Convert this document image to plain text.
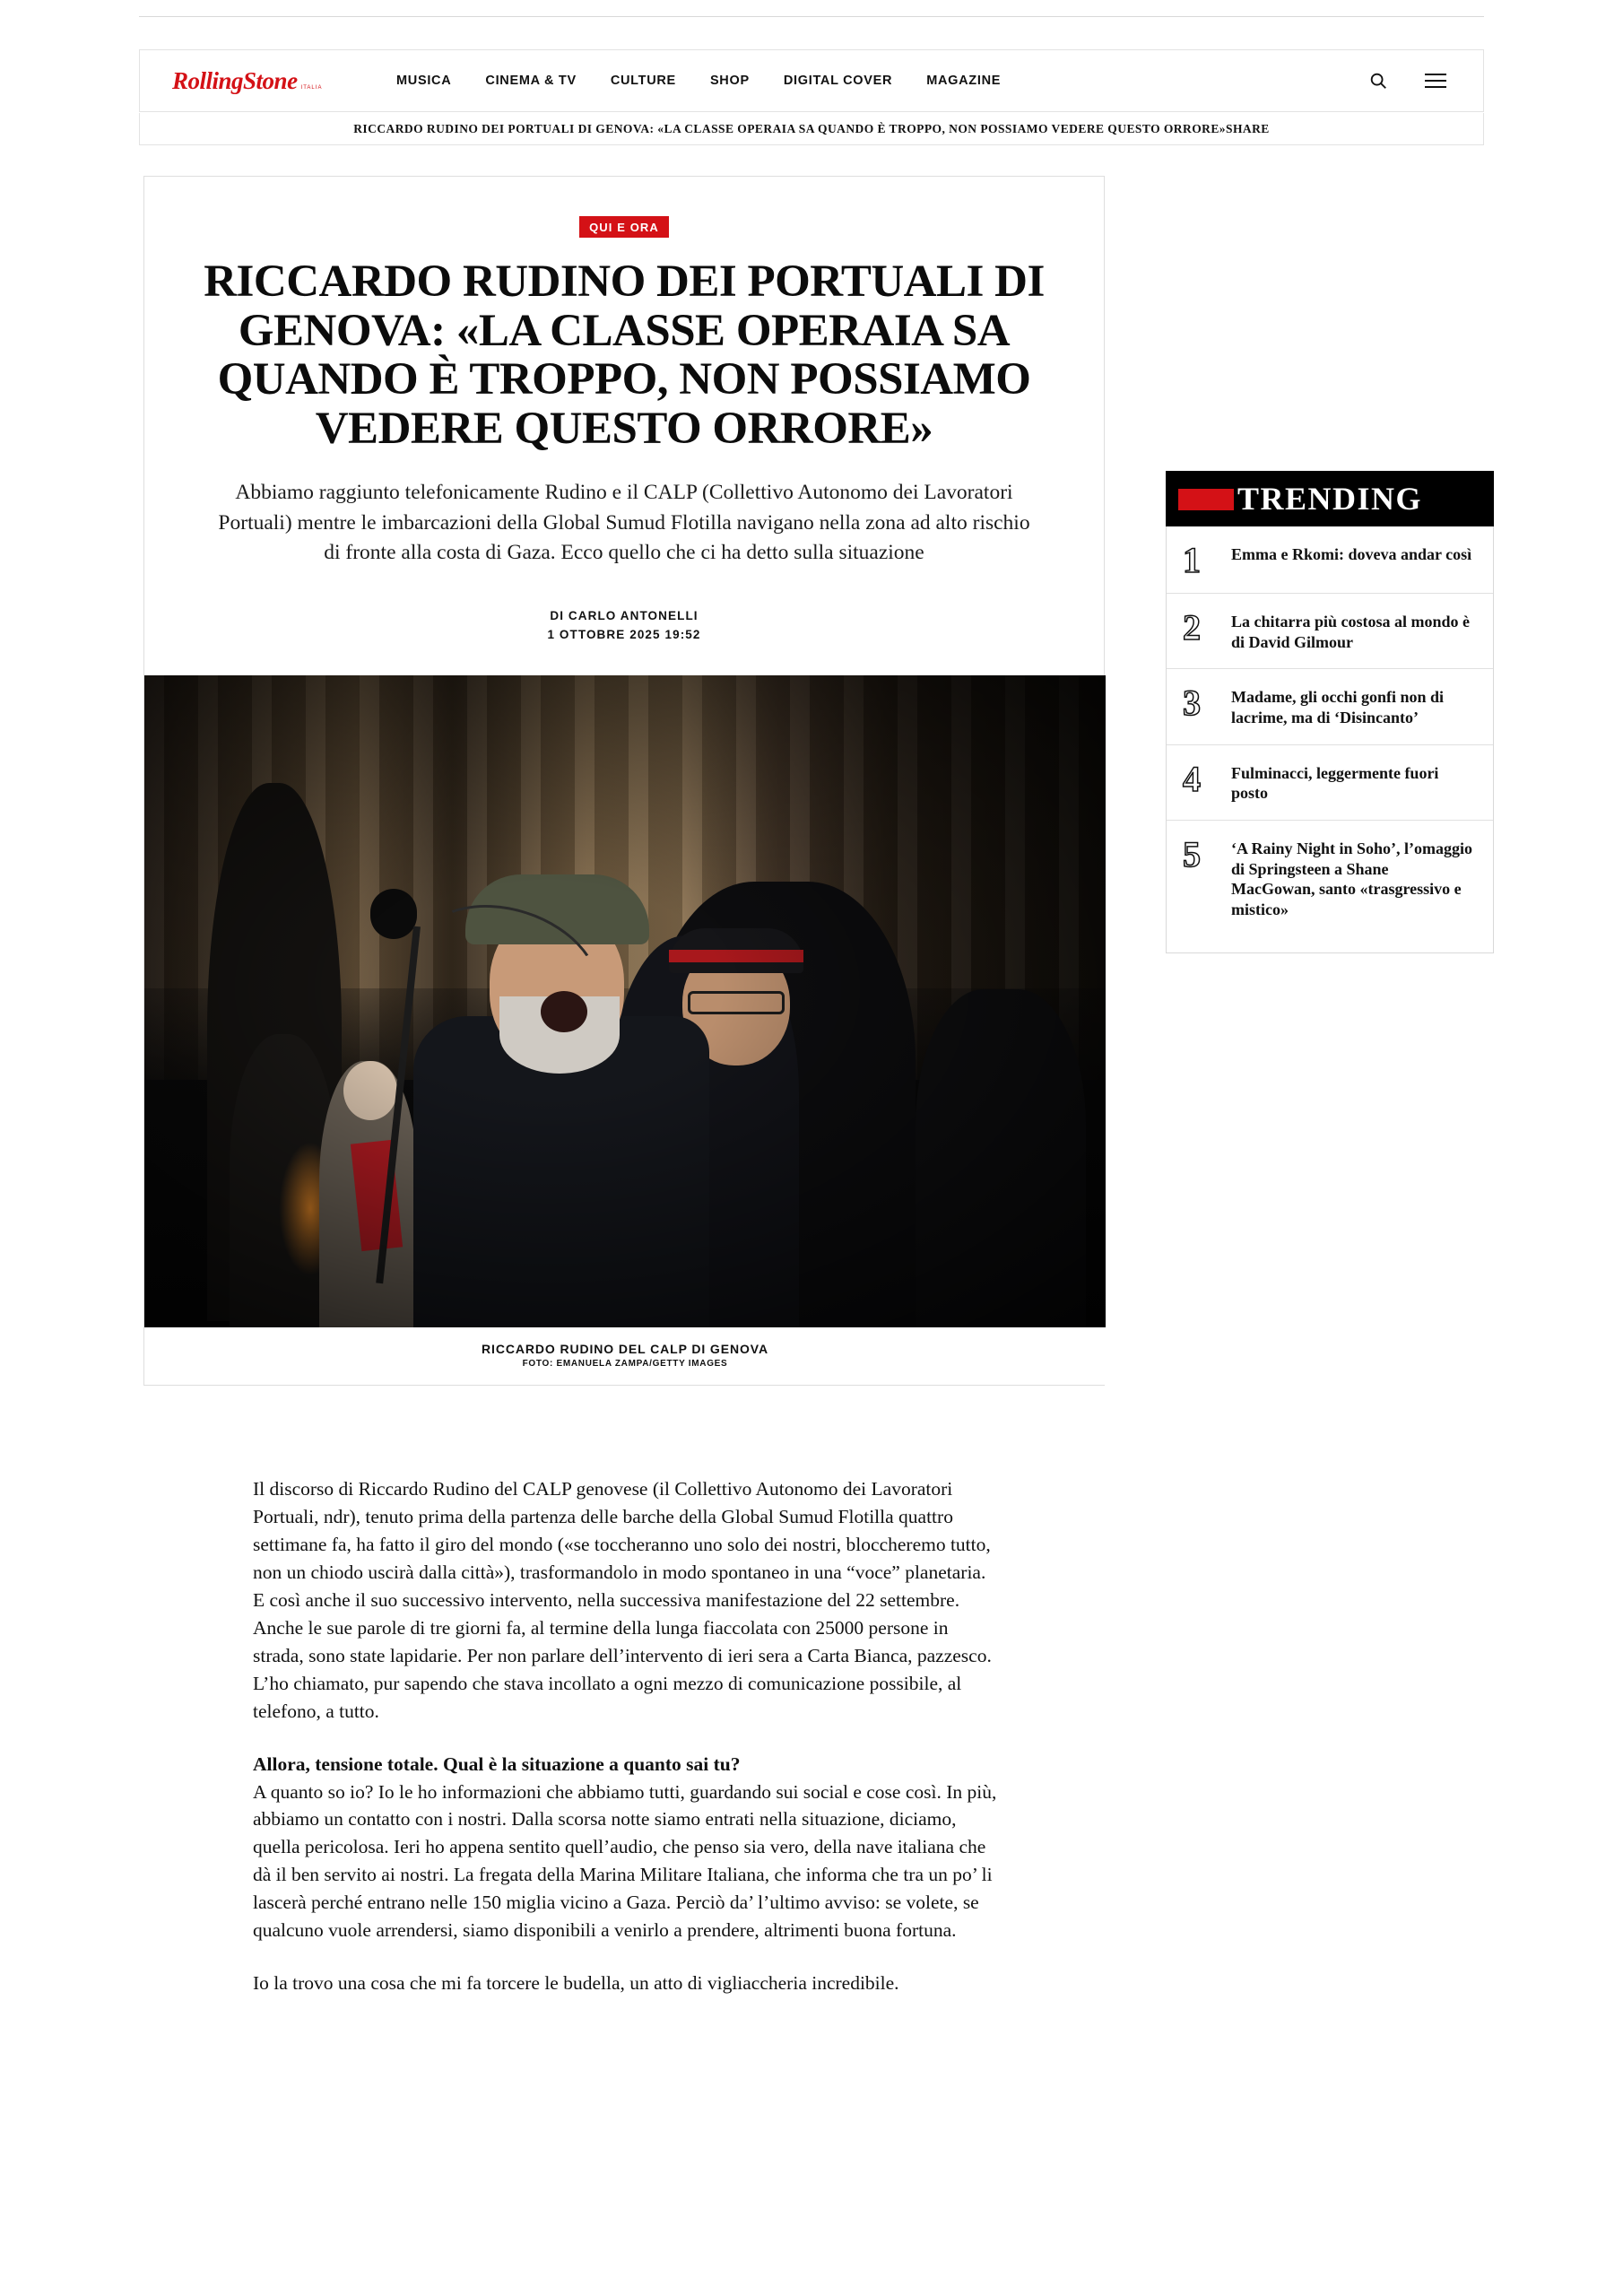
RollingStone ITALIA	MUSICA	CINEMA & TV	CULTURE	SHOP	DIGITAL COVER	MAGAZINE
RICCARDO RUDINO DEI PORTUALI DI GENOVA: «LA CLASSE OPERAIA SA QUANDO È TROPPO, NON POSSIAMO VEDERE QUESTO ORRORE» SHARE
QUI E ORA
RICCARDO RUDINO DEI PORTUALI DI GENOVA: «LA CLASSE OPERAIA SA QUANDO È TROPPO, NON POSSIAMO VEDERE QUESTO ORRORE»
Abbiamo raggiunto telefonicamente Rudino e il CALP (Collettivo Autonomo dei Lavoratori Portuali) mentre le imbarcazioni della Global Sumud Flotilla navigano nella zona ad alto rischio di fronte alla costa di Gaza. Ecco quello che ci ha detto sulla situazione
DI CARLO ANTONELLI
1 OTTOBRE 2025 19:52
RICCARDO RUDINO DEL CALP DI GENOVA
FOTO: EMANUELA ZAMPA/GETTY IMAGES

Il discorso di Riccardo Rudino del CALP genovese (il Collettivo Autonomo dei Lavoratori Portuali, ndr), tenuto prima della partenza delle barche della Global Sumud Flotilla quattro settimane fa, ha fatto il giro del mondo («se toccheranno uno solo dei nostri, bloccheremo tutto, non un chiodo uscirà dalla città»), trasformandolo in modo spontaneo in una “voce” planetaria. E così anche il suo successivo intervento, nella successiva manifestazione del 22 settembre. Anche le sue parole di tre giorni fa, al termine della lunga fiaccolata con 25000 persone in strada, sono state lapidarie. Per non parlare dell’intervento di ieri sera a Carta Bianca, pazzesco. L’ho chiamato, pur sapendo che stava incollato a ogni mezzo di comunicazione possibile, al telefono, a tutto.

Allora, tensione totale. Qual è la situazione a quanto sai tu?

A quanto so io? Io le ho informazioni che abbiamo tutti, guardando sui social e cose così. In più, abbiamo un contatto con i nostri. Dalla scorsa notte siamo entrati nella situazione, diciamo, quella pericolosa. Ieri ho appena sentito quell’audio, che penso sia vero, della nave italiana che dà il ben servito ai nostri. La fregata della Marina Militare Italiana, che informa che tra un po’ li lascerà perché entrano nelle 150 miglia vicino a Gaza. Perciò da’ l’ultimo avviso: se volete, se qualcuno vuole arrendersi, siamo disponibili a venirlo a prendere, altrimenti buona fortuna.

Io la trovo una cosa che mi fa torcere le budella, un atto di vigliaccheria incredibile.

TRENDING
1	Emma e Rkomi: doveva andar così
2	La chitarra più costosa al mondo è di David Gilmour
3	Madame, gli occhi gonfi non di lacrime, ma di ‘Disincanto’
4	Fulminacci, leggermente fuori posto
5	‘A Rainy Night in Soho’, l’omaggio di Springsteen a Shane MacGowan, santo «trasgressivo e mistico»
